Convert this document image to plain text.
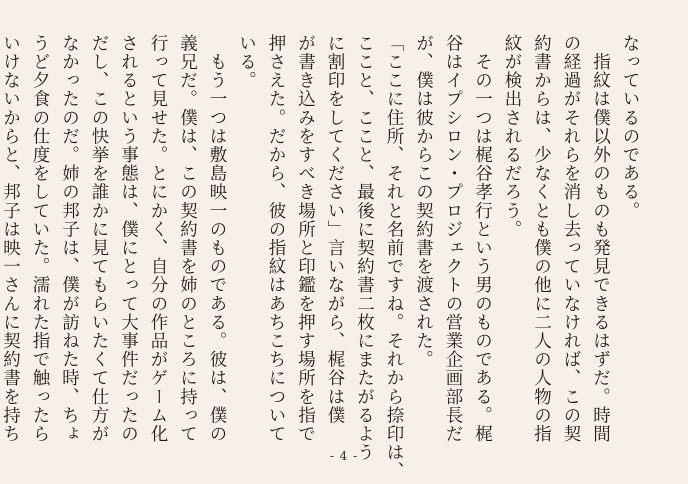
なっているのである。
　指紋は僕以外のものも発見できるはずだ。時間
の経過がそれらを消し去っていなければ、この契
約書からは、少なくとも僕の他に二人の人物の指
紋が検出されるだろう。
　その一つは梶谷孝行という男のものである。梶
谷はイプシロン・プロジェクトの営業企画部長だ
が、僕は彼からこの契約書を渡された。
「ここに住所、それと名前ですね。それから捺印は、
ここと、ここと、最後に契約書二枚にまたがるよう
に割印をしてください」言いながら、梶谷は僕
が書き込みをすべき場所と印鑑を押す場所を指で
押さえた。だから、彼の指紋はあちこちについて
いる。
　もう一つは敷島映一のものである。彼は、僕の
義兄だ。僕は、この契約書を姉のところに持って
行って見せた。とにかく、自分の作品がゲーム化
されるという事態は、僕にとって大事件だったの
だし、この快挙を誰かに見てもらいたくて仕方が
なかったのだ。姉の邦子は、僕が訪ねた時、ちょ
うど夕食の仕度をしていた。濡れた指で触ったら
いけないからと、邦子は映一さんに契約書を持ち
- 4 -
